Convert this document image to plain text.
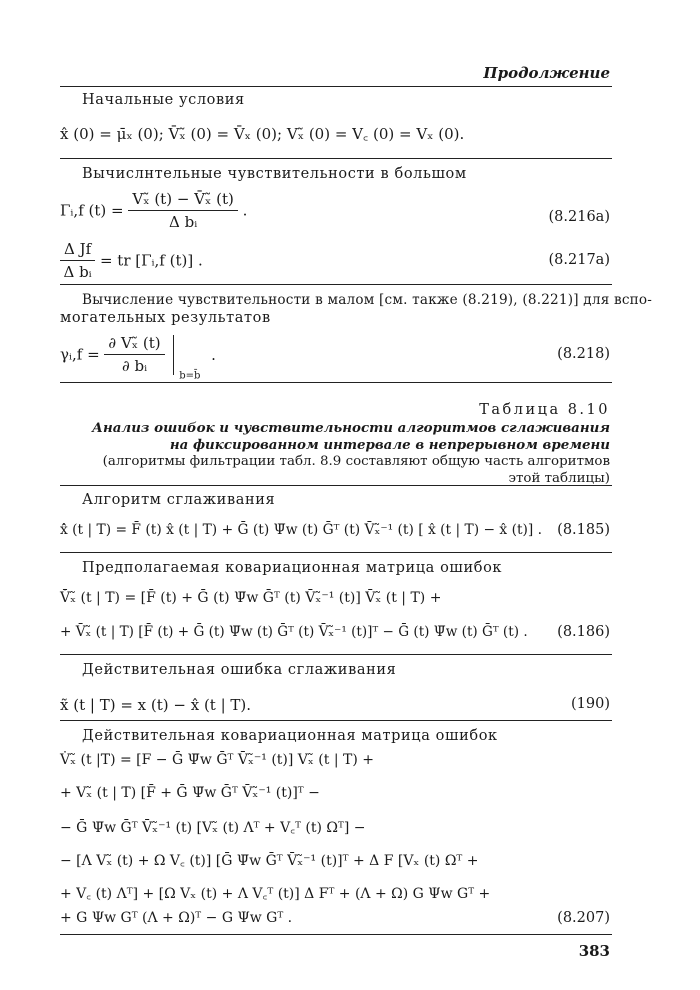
Продолжение
Начальные условия
x̂ (0) = μ̄ₓ (0); V̄ₓ̃ (0) = V̄ₓ (0); Vₓ̃ (0) = V꜀ (0) = Vₓ (0).
Вычислнтельные чувствительности в большом
Γᵢ,f $(t) = \frac{\text{Vₓ̃ (t) − V̄ₓ̃ (t)}}{\text{Δ bᵢ}}$ .	(8.216a)
$\frac{\text{Δ Jf}}{\text{Δ bᵢ}}$ = tr [Γᵢ,f (t)] .	(8.217a)
Вычисление чувствительности в малом [см. также (8.219), (8.221)] для вспо-
могательных результатов
γᵢ,f = $\frac{\text{∂ Vₓ̃ (t)}}{\text{∂ bᵢ}}$
$_{b=b̄}$ .	(8.218)
Таблица 8.10
Анализ ошибок и чувствительности алгоритмов сглаживания
на фиксированном интервале в непрерывном времени
(алгоритмы фильтрации табл. 8.9 составляют общую часть алгоритмов
этой таблицы)
Алгоритм сглаживания
x̂̇ (t | T) = F̄ (t) x̂ (t | T) + Ḡ (t) Ψ̄w (t) Ḡᵀ (t) V̄ₓ̃⁻¹ (t) [ x̂ (t | T) − x̂ (t)] . (8.185)
Предполагаемая ковариационная матрица ошибок
V̄̇ₓ̃ (t | T) = [F̄ (t) + Ḡ (t) Ψ̄w Ḡᵀ (t) V̄ₓ̃⁻¹ (t)] V̄ₓ̃ (t | T) +
+ V̄ₓ̃ (t | T) [F̄ (t) + Ḡ (t) Ψ̄w (t) Ḡᵀ (t) V̄ₓ̃⁻¹ (t)]ᵀ − Ḡ (t) Ψ̄w (t) Ḡᵀ (t) . (8.186)
Действительная ошибка сглаживания
x̃ (t | T) = x (t) − x̂ (t | T).	(190)
Действительная ковариационная матрица ошибок
V̇ₓ̃ (t |T) = [F − Ḡ Ψ̄w Ḡᵀ V̄ₓ̃⁻¹ (t)] Vₓ̃ (t | T) +
+ Vₓ̃ (t | T) [F̄ + Ḡ Ψ̄w Ḡᵀ V̄ₓ̃⁻¹ (t)]ᵀ −
− Ḡ Ψ̄w Ḡᵀ V̄ₓ̃⁻¹ (t) [Vₓ̃ (t) Λᵀ + V꜀ᵀ (t) Ωᵀ] −
− [Λ Vₓ̃ (t) + Ω V꜀ (t)] [Ḡ Ψ̄w Ḡᵀ V̄ₓ̃⁻¹ (t)]ᵀ + Δ F [Vₓ (t) Ωᵀ +
+ V꜀ (t) Λᵀ] + [Ω Vₓ (t) + Λ V꜀ᵀ (t)] Δ Fᵀ + (Λ + Ω) G Ψw Gᵀ +
+ G Ψw Gᵀ (Λ + Ω)ᵀ − G Ψw Gᵀ .	(8.207)
383
